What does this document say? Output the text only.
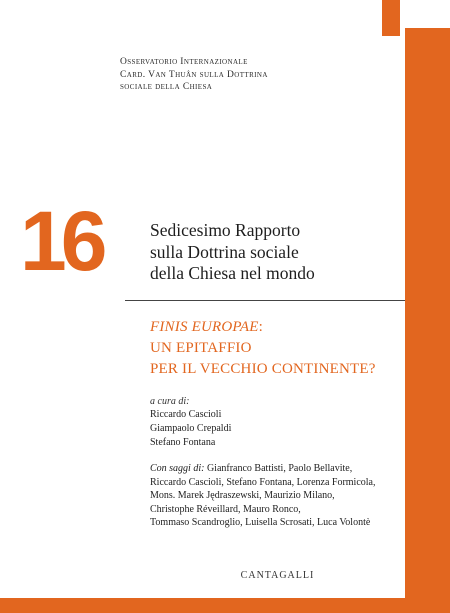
Osservatorio Internazionale
Card. Van Thuân sulla Dottrina
sociale della Chiesa
16	Sedicesimo Rapporto
sulla Dottrina sociale
della Chiesa nel mondo
FINIS EUROPAE:
UN EPITAFFIO
PER IL VECCHIO CONTINENTE?
a cura di:
Riccardo Cascioli
Giampaolo Crepaldi
Stefano Fontana
Con saggi di: Gianfranco Battisti, Paolo Bellavite,
Riccardo Cascioli, Stefano Fontana, Lorenza Formicola,
Mons. Marek Jędraszewski, Maurizio Milano,
Christophe Réveillard, Mauro Ronco,
Tommaso Scandroglio, Luisella Scrosati, Luca Volontè
CANTAGALLI
